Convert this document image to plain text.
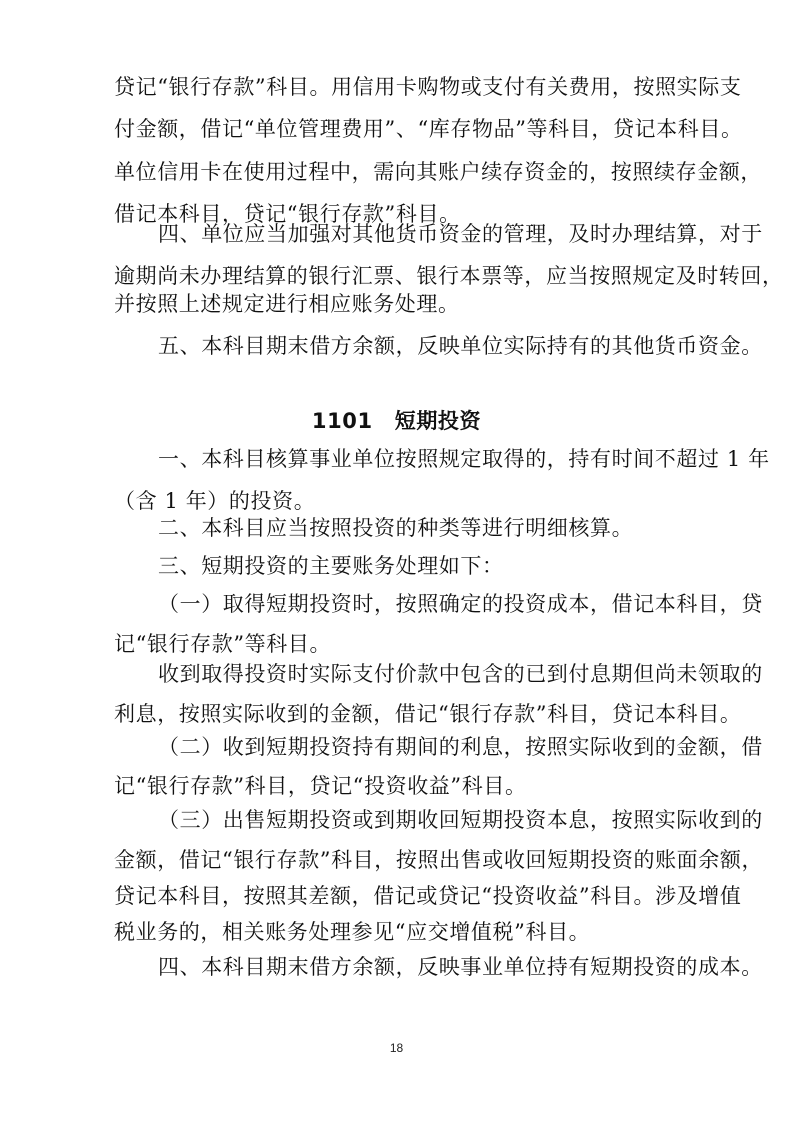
贷记“银行存款”科目。用信用卡购物或支付有关费用，按照实际支
付金额，借记“单位管理费用”、“库存物品”等科目，贷记本科目。
单位信用卡在使用过程中，需向其账户续存资金的，按照续存金额，
借记本科目，贷记“银行存款”科目。
四、单位应当加强对其他货币资金的管理，及时办理结算，对于
逾期尚未办理结算的银行汇票、银行本票等，应当按照规定及时转回，
并按照上述规定进行相应账务处理。
五、本科目期末借方余额，反映单位实际持有的其他货币资金。
1101 短期投资
一、本科目核算事业单位按照规定取得的，持有时间不超过 1 年
（含 1 年）的投资。
二、本科目应当按照投资的种类等进行明细核算。
三、短期投资的主要账务处理如下：
（一）取得短期投资时，按照确定的投资成本，借记本科目，贷
记“银行存款”等科目。
收到取得投资时实际支付价款中包含的已到付息期但尚未领取的
利息，按照实际收到的金额，借记“银行存款”科目，贷记本科目。
（二）收到短期投资持有期间的利息，按照实际收到的金额，借
记“银行存款”科目，贷记“投资收益”科目。
（三）出售短期投资或到期收回短期投资本息，按照实际收到的
金额，借记“银行存款”科目，按照出售或收回短期投资的账面余额，
贷记本科目，按照其差额，借记或贷记“投资收益”科目。涉及增值
税业务的，相关账务处理参见“应交增值税”科目。
四、本科目期末借方余额，反映事业单位持有短期投资的成本。
18
